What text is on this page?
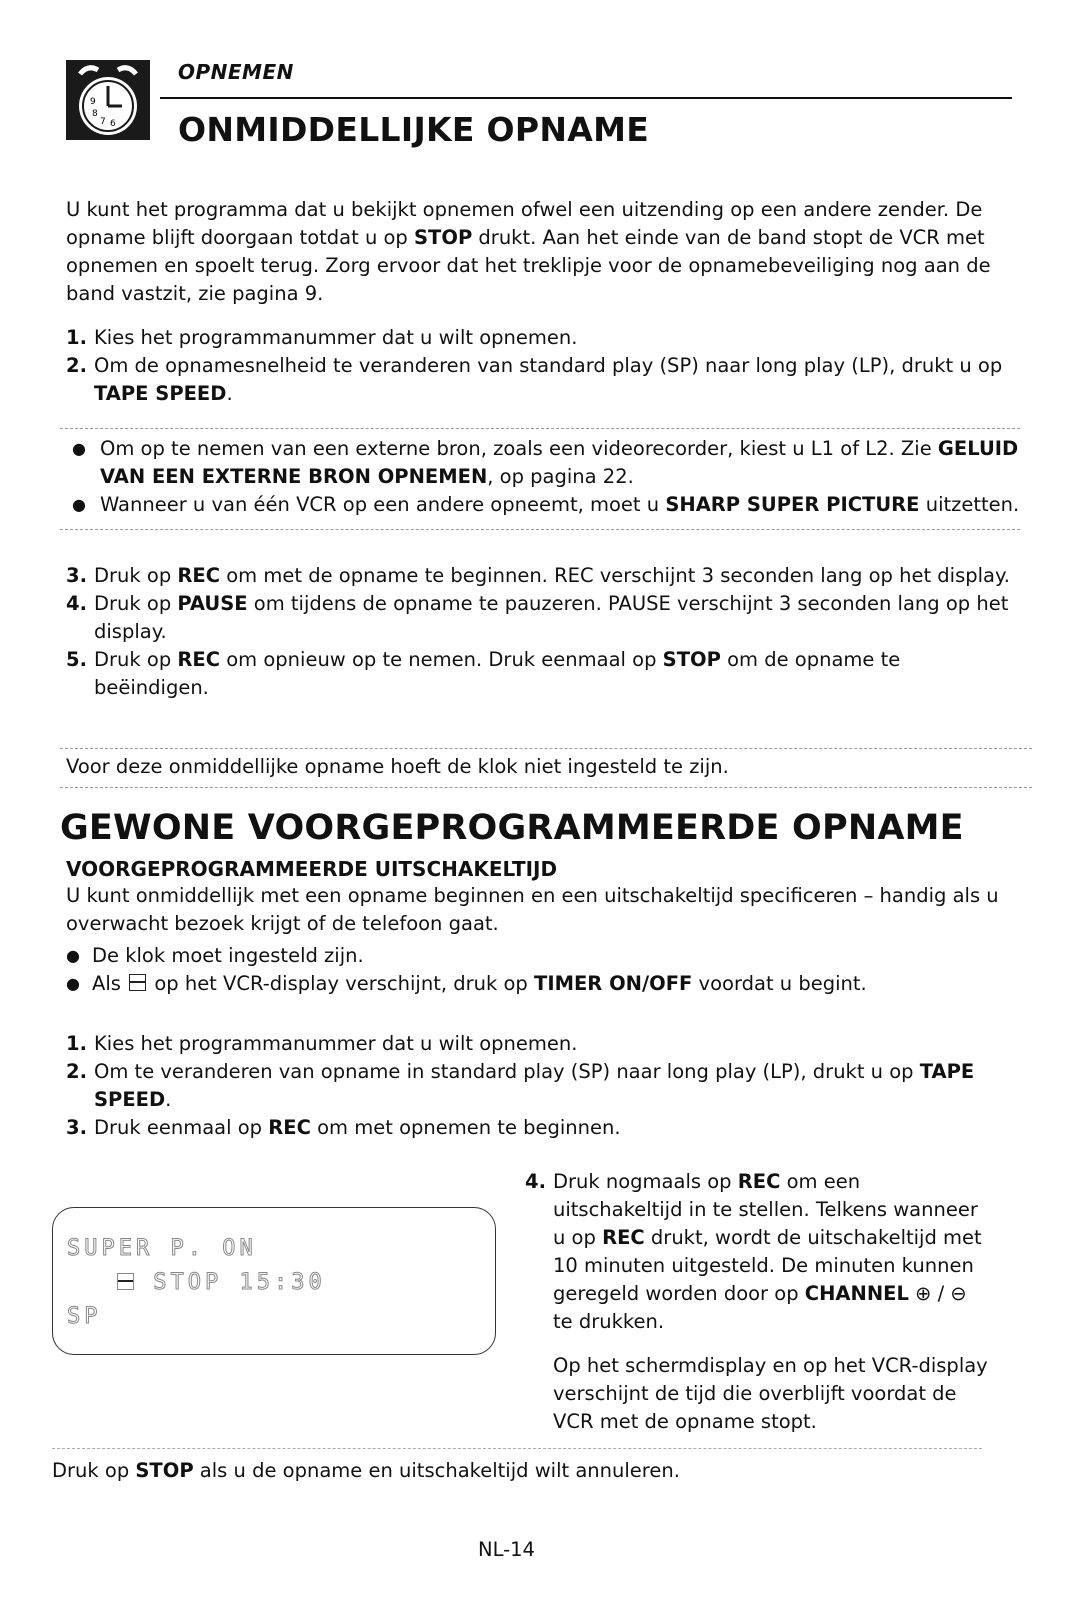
9
8
7 6
OPNEMEN
ONMIDDELLIJKE OPNAME

U kunt het programma dat u bekijkt opnemen ofwel een uitzending op een andere zender. De opname blijft doorgaan totdat u op STOP drukt. Aan het einde van de band stopt de VCR met opnemen en spoelt terug. Zorg ervoor dat het treklipje voor de opnamebeveiliging nog aan de band vastzit, zie pagina 9.

1. Kies het programmanummer dat u wilt opnemen.
2. Om de opnamesnelheid te veranderen van standard play (SP) naar long play (LP), drukt u op TAPE SPEED.
● Om op te nemen van een externe bron, zoals een videorecorder, kiest u L1 of L2. Zie GELUID VAN EEN EXTERNE BRON OPNEMEN, op pagina 22.
● Wanneer u van één VCR op een andere opneemt, moet u SHARP SUPER PICTURE uitzetten.
3. Druk op REC om met de opname te beginnen. REC verschijnt 3 seconden lang op het display.
4. Druk op PAUSE om tijdens de opname te pauzeren. PAUSE verschijnt 3 seconden lang op het display.
5. Druk op REC om opnieuw op te nemen. Druk eenmaal op STOP om de opname te beëindigen.
Voor deze onmiddellijke opname hoeft de klok niet ingesteld te zijn.
GEWONE VOORGEPROGRAMMEERDE OPNAME
VOORGEPROGRAMMEERDE UITSCHAKELTIJD

U kunt onmiddellijk met een opname beginnen en een uitschakeltijd specificeren – handig als u overwacht bezoek krijgt of de telefoon gaat.

● De klok moet ingesteld zijn.
● Als  op het VCR-display verschijnt, druk op TIMER ON/OFF voordat u begint.
1. Kies het programmanummer dat u wilt opnemen.
2. Om te veranderen van opname in standard play (SP) naar long play (LP), drukt u op TAPE SPEED.
3. Druk eenmaal op REC om met opnemen te beginnen.
SUPER P. ON
STOP 15:30
SP
4. Druk nogmaals op REC om een uitschakeltijd in te stellen. Telkens wanneer u op REC drukt, wordt de uitschakeltijd met 10 minuten uitgesteld. De minuten kunnen geregeld worden door op CHANNEL ⊕ / ⊖ te drukken.
Op het schermdisplay en op het VCR-display verschijnt de tijd die overblijft voordat de VCR met de opname stopt.
Druk op STOP als u de opname en uitschakeltijd wilt annuleren.
NL-14
